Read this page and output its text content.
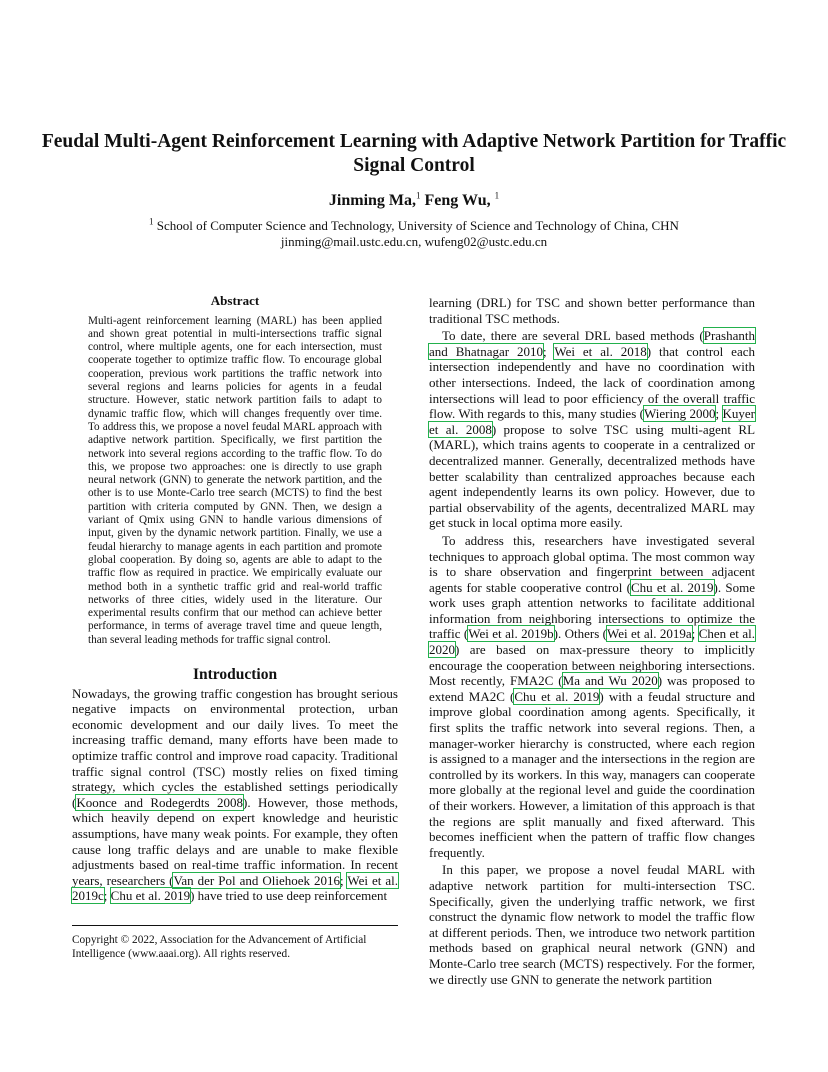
Feudal Multi-Agent Reinforcement Learning with Adaptive Network Partition for Traffic Signal Control
Jinming Ma,$^1$ Feng Wu, $^1$
$^1$ School of Computer Science and Technology, University of Science and Technology of China, CHN
jinming@mail.ustc.edu.cn, wufeng02@ustc.edu.cn
Abstract

Multi-agent reinforcement learning (MARL) has been applied and shown great potential in multi-intersections traffic signal control, where multiple agents, one for each intersection, must cooperate together to optimize traffic flow. To encourage global cooperation, previous work partitions the traffic network into several regions and learns policies for agents in a feudal structure. However, static network partition fails to adapt to dynamic traffic flow, which will changes frequently over time. To address this, we propose a novel feudal MARL approach with adaptive network partition. Specifically, we first partition the network into several regions according to the traffic flow. To do this, we propose two approaches: one is directly to use graph neural network (GNN) to generate the network partition, and the other is to use Monte-Carlo tree search (MCTS) to find the best partition with criteria computed by GNN. Then, we design a variant of Qmix using GNN to handle various dimensions of input, given by the dynamic network partition. Finally, we use a feudal hierarchy to manage agents in each partition and promote global cooperation. By doing so, agents are able to adapt to the traffic flow as required in practice. We empirically evaluate our method both in a synthetic traffic grid and real-world traffic networks of three cities, widely used in the literature. Our experimental results confirm that our method can achieve better performance, in terms of average travel time and queue length, than several leading methods for traffic signal control.

Introduction

Nowadays, the growing traffic congestion has brought serious negative impacts on environmental protection, urban economic development and our daily lives. To meet the increasing traffic demand, many efforts have been made to optimize traffic control and improve road capacity. Traditional traffic signal control (TSC) mostly relies on fixed timing strategy, which cycles the established settings periodically (Koonce and Rodegerdts 2008). However, those methods, which heavily depend on expert knowledge and heuristic assumptions, have many weak points. For example, they often cause long traffic delays and are unable to make flexible adjustments based on real-time traffic information. In recent years, researchers (Van der Pol and Oliehoek 2016; Wei et al. 2019c; Chu et al. 2019) have tried to use deep reinforcement

Copyright © 2022, Association for the Advancement of Artificial Intelligence (www.aaai.org). All rights reserved.

learning (DRL) for TSC and shown better performance than traditional TSC methods.

To date, there are several DRL based methods (Prashanth and Bhatnagar 2010; Wei et al. 2018) that control each intersection independently and have no coordination with other intersections. Indeed, the lack of coordination among intersections will lead to poor efficiency of the overall traffic flow. With regards to this, many studies (Wiering 2000; Kuyer et al. 2008) propose to solve TSC using multi-agent RL (MARL), which trains agents to cooperate in a centralized or decentralized manner. Generally, decentralized methods have better scalability than centralized approaches because each agent independently learns its own policy. However, due to partial observability of the agents, decentralized MARL may get stuck in local optima more easily.

To address this, researchers have investigated several techniques to approach global optima. The most common way is to share observation and fingerprint between adjacent agents for stable cooperative control (Chu et al. 2019). Some work uses graph attention networks to facilitate additional information from neighboring intersections to optimize the traffic (Wei et al. 2019b). Others (Wei et al. 2019a; Chen et al. 2020) are based on max-pressure theory to implicitly encourage the cooperation between neighboring intersections. Most recently, FMA2C (Ma and Wu 2020) was proposed to extend MA2C (Chu et al. 2019) with a feudal structure and improve global coordination among agents. Specifically, it first splits the traffic network into several regions. Then, a manager-worker hierarchy is constructed, where each region is assigned to a manager and the intersections in the region are controlled by its workers. In this way, managers can cooperate more globally at the regional level and guide the coordination of their workers. However, a limitation of this approach is that the regions are split manually and fixed afterward. This becomes inefficient when the pattern of traffic flow changes frequently.

In this paper, we propose a novel feudal MARL with adaptive network partition for multi-intersection TSC. Specifically, given the underlying traffic network, we first construct the dynamic flow network to model the traffic flow at different periods. Then, we introduce two network partition methods based on graphical neural network (GNN) and Monte-Carlo tree search (MCTS) respectively. For the former, we directly use GNN to generate the network partition
